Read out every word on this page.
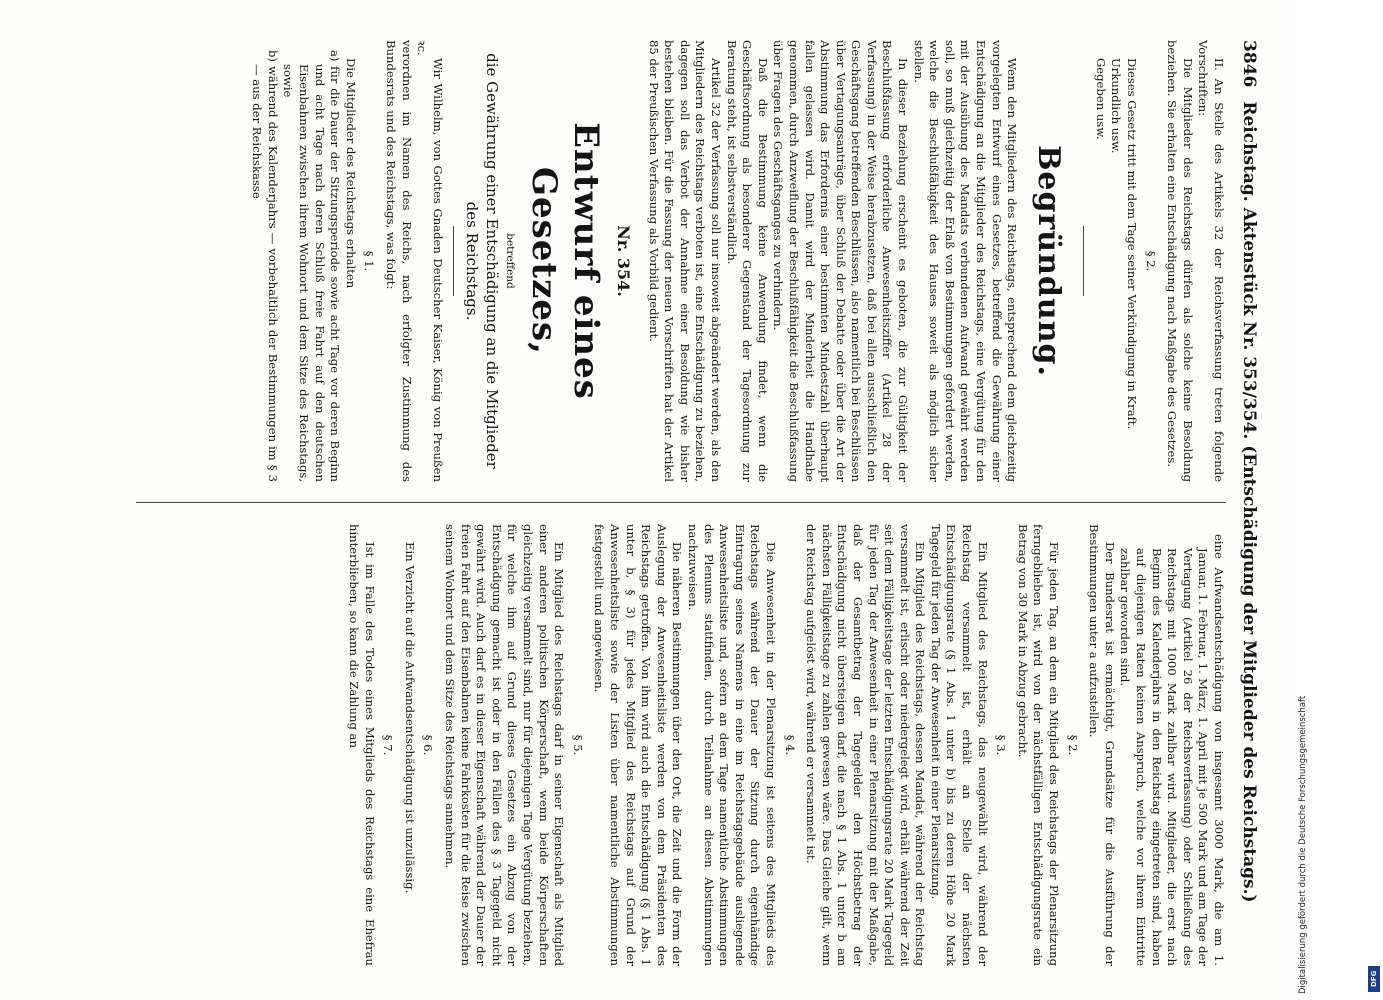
3846
Reichstag. Aktenstück Nr. 353/354. (Entschädigung der Mitglieder des Reichstags.)

II. An Stelle des Artikels 32 der Reichsverfassung treten folgende Vorschriften:

Die Mitglieder des Reichstags dürfen als solche keine Besoldung beziehen. Sie erhalten eine Entschädigung nach Maßgabe des Gesetzes.

§ 2.

Dieses Gesetz tritt mit dem Tage seiner Verkündigung in Kraft.

Urkundlich usw.

Gegeben usw.

Begründung.

Wenn den Mitgliedern des Reichstags, entsprechend dem gleichzeitig vorgelegten Entwurf eines Gesetzes, betreffend die Gewährung einer Entschädigung an die Mitglieder des Reichstags, eine Vergütung für den mit der Ausübung des Mandats verbundenen Aufwand gewährt werden soll, so muß gleichzeitig der Erlaß von Bestimmungen gefordert werden, welche die Beschlußfähigkeit des Hauses soweit als möglich sicher stellen.

In dieser Beziehung erscheint es geboten, die zur Gültigkeit der Beschlußfassung erforderliche Anwesenheitsziffer (Artikel 28 der Verfassung) in der Weise herabzusetzen, daß bei allen ausschließlich den Geschäftsgang betreffenden Beschlüssen, also namentlich bei Beschlüssen über Vertagungsanträge, über Schluß der Debatte oder über die Art der Abstimmung das Erfordernis einer bestimmten Mindestzahl überhaupt fallen gelassen wird. Damit wird der Minderheit die Handhabe genommen, durch Anzweiflung der Beschlußfähigkeit die Beschlußfassung über Fragen des Geschäftsganges zu verhindern.

Daß die Bestimmung keine Anwendung findet, wenn die Geschäftsordnung als besonderer Gegenstand der Tagesordnung zur Beratung steht, ist selbstverständlich.

Artikel 32 der Verfassung soll nur insoweit abgeändert werden, als den Mitgliedern des Reichstags verboten ist, eine Entschädigung zu beziehen, dagegen soll das Verbot der Annahme einer Besoldung wie bisher bestehen bleiben. Für die Fassung der neuen Vorschriften hat der Artikel 85 der Preußischen Verfassung als Vorbild gedient.

Nr. 354.

Entwurf eines Gesetzes,

betreffend

die Gewährung einer Entschädigung an die Mitglieder des Reichstags.

Wir Wilhelm, von Gottes Gnaden Deutscher Kaiser, König von Preußen ꝛc.

verordnen im Namen des Reichs, nach erfolgter Zustimmung des Bundesrats und des Reichstags, was folgt:

§ 1.

Die Mitglieder des Reichstags erhalten

a) für die Dauer der Sitzungsperiode sowie acht Tage vor deren Beginn und acht Tage nach deren Schluß freie Fahrt auf den deutschen Eisenbahnen zwischen ihrem Wohnort und dem Sitze des Reichstags, sowie

b) während des Kalenderjahrs — vorbehaltlich der Bestimmungen im § 3 — aus der Reichskasse

eine Aufwandsentschädigung von insgesamt 3000 Mark, die am 1. Januar, 1. Februar, 1. März, 1. April mit je 500 Mark und am Tage der Vertagung (Artikel 26 der Reichsverfassung) oder Schließung des Reichstags mit 1000 Mark zahlbar wird. Mitglieder, die erst nach Beginn des Kalenderjahrs in den Reichstag eingetreten sind, haben auf diejenigen Raten keinen Anspruch, welche vor ihrem Eintritte zahlbar geworden sind.

Der Bundesrat ist ermächtigt, Grundsätze für die Ausführung der Bestimmungen unter a aufzustellen.

§ 2.

Für jeden Tag, an dem ein Mitglied des Reichstags der Plenarsitzung ferngeblieben ist, wird von der nächstfälligen Entschädigungsrate ein Betrag von 30 Mark in Abzug gebracht.

§ 3.

Ein Mitglied des Reichstags, das neugewählt wird, während der Reichstag versammelt ist, erhält an Stelle der nächsten Entschädigungsrate (§ 1 Abs. 1 unter b) bis zu deren Höhe 20 Mark Tagegeld für jeden Tag der Anwesenheit in einer Plenarsitzung.

Ein Mitglied des Reichstags, dessen Mandat, während der Reichstag versammelt ist, erlischt oder niedergelegt wird, erhält während der Zeit seit dem Fälligkeitstage der letzten Entschädigungsrate 20 Mark Tagegeld für jeden Tag der Anwesenheit in einer Plenarsitzung mit der Maßgabe, daß der Gesamtbetrag der Tagegelder den Höchstbetrag der Entschädigung nicht übersteigen darf, die nach § 1 Abs. 1 unter b am nächsten Fälligkeitstage zu zahlen gewesen wäre. Das Gleiche gilt, wenn der Reichstag aufgelöst wird, während er versammelt ist.

§ 4.

Die Anwesenheit in der Plenarsitzung ist seitens des Mitglieds des Reichstags während der Dauer der Sitzung durch eigenhändige Eintragung seines Namens in eine im Reichstagsgebäude ausliegende Anwesenheitsliste und, sofern an dem Tage namentliche Abstimmungen des Plenums stattfinden, durch Teilnahme an diesen Abstimmungen nachzuweisen.

Die näheren Bestimmungen über den Ort, die Zeit und die Form der Auslegung der Anwesenheitsliste werden von dem Präsidenten des Reichstags getroffen. Von ihm wird auch die Entschädigung (§ 1 Abs. 1 unter b, § 3) für jedes Mitglied des Reichstags auf Grund der Anwesenheitsliste sowie der Listen über namentliche Abstimmungen festgestellt und angewiesen.

§ 5.

Ein Mitglied des Reichstags darf in seiner Eigenschaft als Mitglied einer anderen politischen Körperschaft, wenn beide Körperschaften gleichzeitig versammelt sind, nur für diejenigen Tage Vergütung beziehen, für welche ihm auf Grund dieses Gesetzes ein Abzug von der Entschädigung gemacht ist oder in den Fällen des § 3 Tagegeld nicht gewährt wird. Auch darf es in dieser Eigenschaft während der Dauer der freien Fahrt auf den Eisenbahnen keine Fahrkosten für die Reise zwischen seinem Wohnort und dem Sitze des Reichstags annehmen.

§ 6.

Ein Verzicht auf die Aufwandsentschädigung ist unzulässig.

§ 7.

Ist im Falle des Todes eines Mitglieds des Reichstags eine Ehefrau hinterblieben, so kann die Zahlung an

Digitalisierung gefördert durch die Deutsche Forschungsgemeinschaft	DFG
